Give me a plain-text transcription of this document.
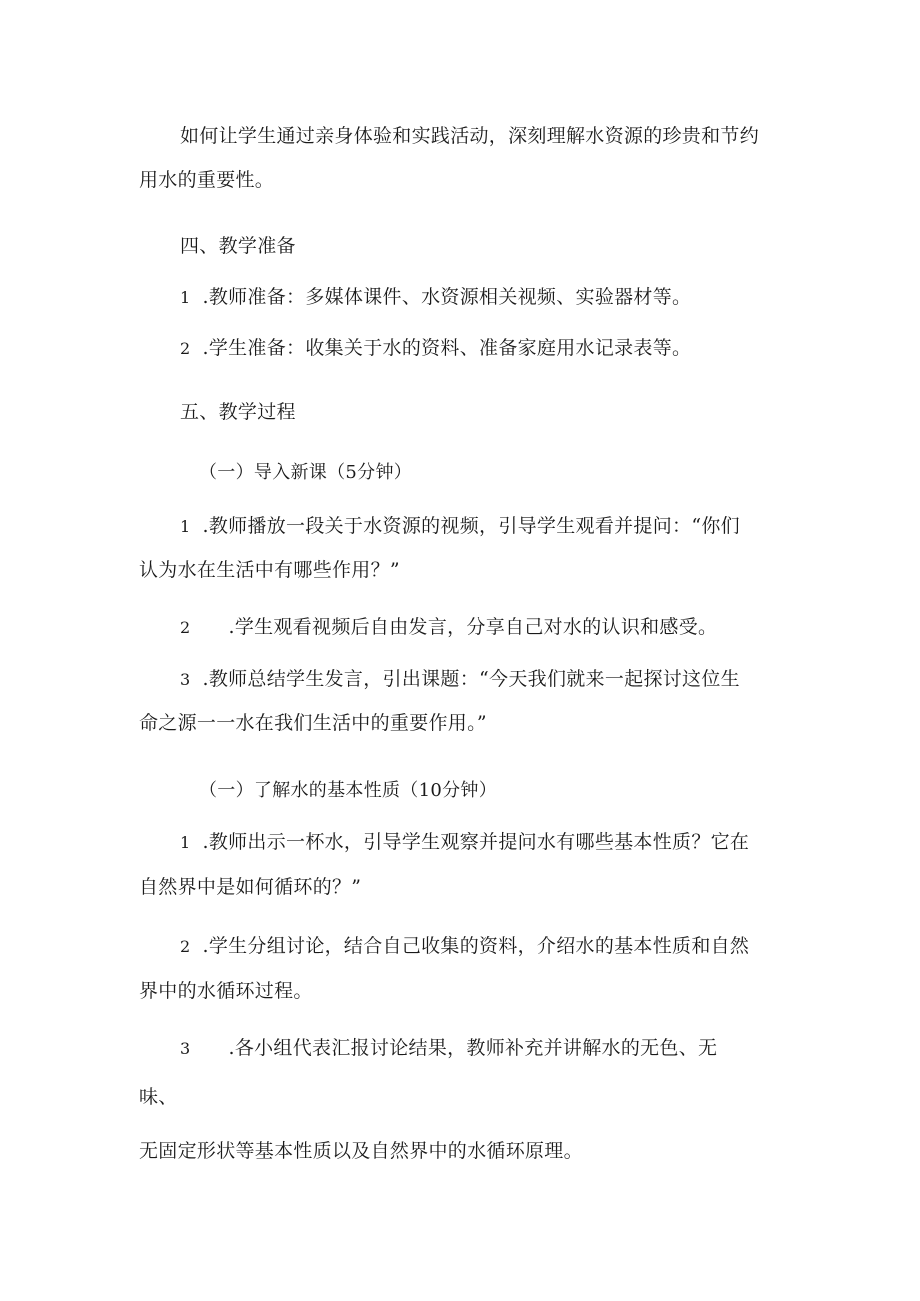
如何让学生通过亲身体验和实践活动，深刻理解水资源的珍贵和节约
用水的重要性。
四、教学准备
1 .教师准备：多媒体课件、水资源相关视频、实验器材等。
2 .学生准备：收集关于水的资料、准备家庭用水记录表等。
五、教学过程
（一）导入新课（5分钟）
1 .教师播放一段关于水资源的视频，引导学生观看并提问：“你们
认为水在生活中有哪些作用？”
2 .学生观看视频后自由发言，分享自己对水的认识和感受。
3 .教师总结学生发言，引出课题：“今天我们就来一起探讨这位生
命之源一一水在我们生活中的重要作用。”
（一）了解水的基本性质（10分钟）
1 .教师出示一杯水，引导学生观察并提问水有哪些基本性质？它在
自然界中是如何循环的？”
2 .学生分组讨论，结合自己收集的资料，介绍水的基本性质和自然
界中的水循环过程。
3 .各小组代表汇报讨论结果，教师补充并讲解水的无色、无
味、
无固定形状等基本性质以及自然界中的水循环原理。
